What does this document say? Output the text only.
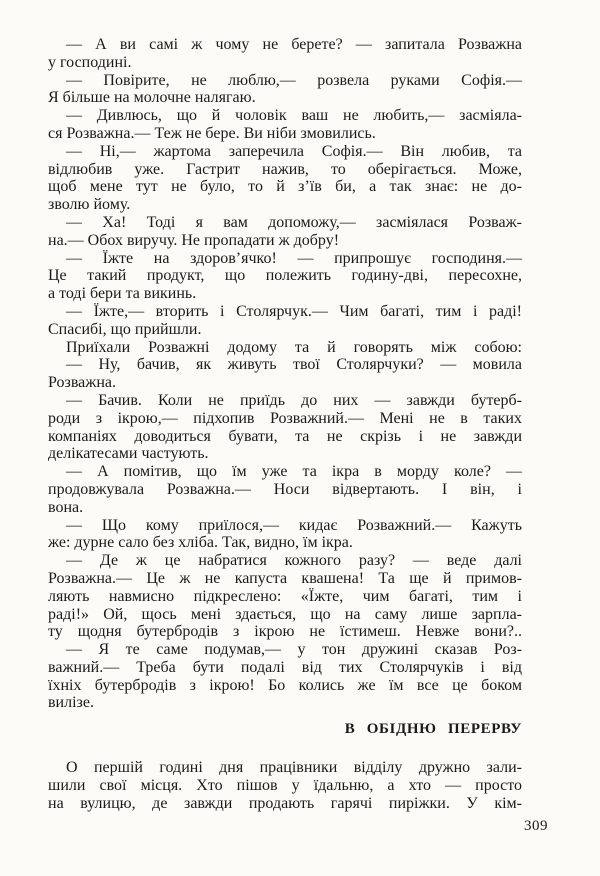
— А ви самі ж чому не берете? — запитала Розважна
у господині.
— Повірите, не люблю,— розвела руками Софія.—
Я більше на молочне налягаю.
— Дивлюсь, що й чоловік ваш не любить,— засміяла-
ся Розважна.— Теж не бере. Ви ніби змовились.
— Ні,— жартома заперечила Софія.— Він любив, та
відлюбив уже. Гастрит нажив, то оберігається. Може,
щоб мене тут не було, то й з’їв би, а так знає: не до-
зволю йому.
— Ха! Тоді я вам допоможу,— засміялася Розваж-
на.— Обох виручу. Не пропадати ж добру!
— Їжте на здоров’ячко! — припрошує господиня.—
Це такий продукт, що полежить годину-дві, пересохне,
а тоді бери та викинь.
— Їжте,— вторить і Столярчук.— Чим багаті, тим і раді!
Спасибі, що прийшли.
Приїхали Розважні додому та й говорять між собою:
— Ну, бачив, як живуть твої Столярчуки? — мовила
Розважна.
— Бачив. Коли не приїдь до них — завжди бутерб-
роди з ікрою,— підхопив Розважний.— Мені не в таких
компаніях доводиться бувати, та не скрізь і не завжди
делікатесами частують.
— А помітив, що їм уже та ікра в морду коле? —
продовжувала Розважна.— Носи відвертають. І він, і
вона.
— Що кому приїлося,— кидає Розважний.— Кажуть
же: дурне сало без хліба. Так, видно, їм ікра.
— Де ж це набратися кожного разу? — веде далі
Розважна.— Це ж не капуста квашена! Та ще й примов-
ляють навмисно підкреслено: «Їжте, чим багаті, тим і
раді!» Ой, щось мені здається, що на саму лише зарпла-
ту щодня бутербродів з ікрою не їстимеш. Невже вони?..
— Я те саме подумав,— у тон дружині сказав Роз-
важний.— Треба бути подалі від тих Столярчуків і від
їхніх бутербродів з ікрою! Бо колись же їм все це боком
вилізе.
В ОБІДНЮ ПЕРЕРВУ
О першій годині дня працівники відділу дружно зали-
шили свої місця. Хто пішов у їдальню, а хто — просто
на вулицю, де завжди продають гарячі пиріжки. У кім-
309
